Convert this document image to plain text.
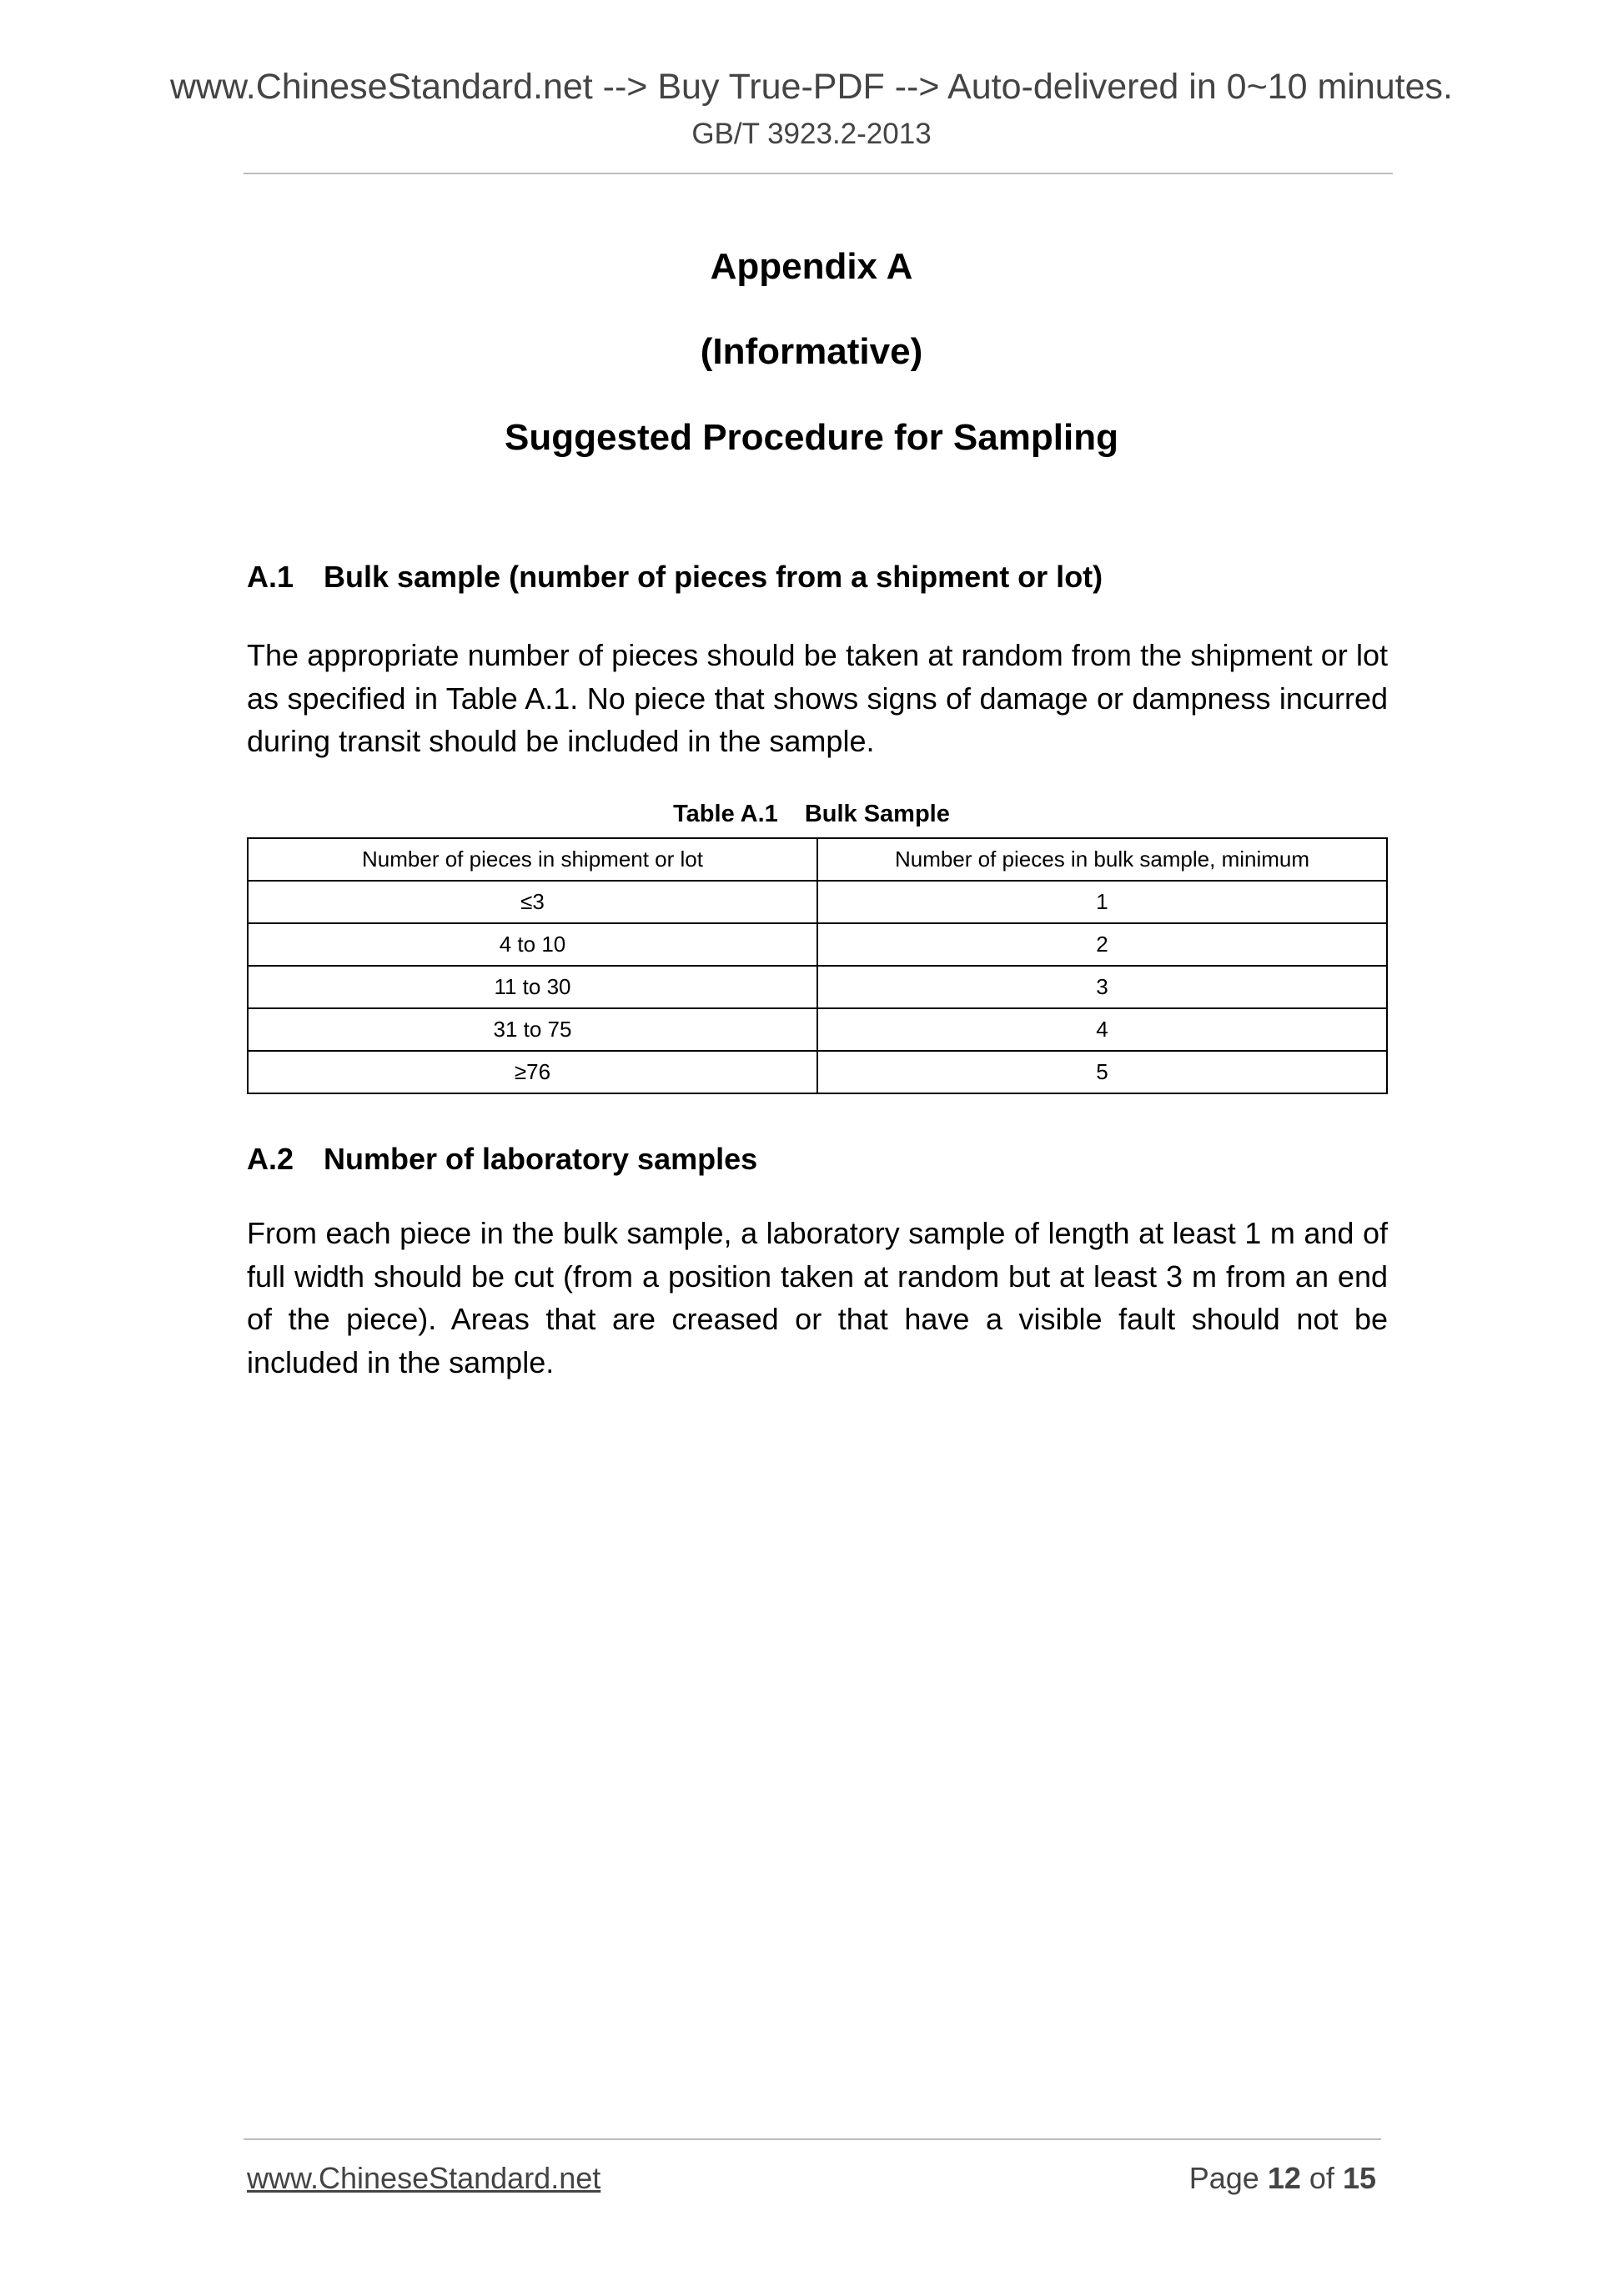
www.ChineseStandard.net --> Buy True-PDF --> Auto-delivered in 0~10 minutes.
GB/T 3923.2-2013
Appendix A
(Informative)
Suggested Procedure for Sampling
A.1 Bulk sample (number of pieces from a shipment or lot)
The appropriate number of pieces should be taken at random from the shipment or lot as specified in Table A.1. No piece that shows signs of damage or dampness incurred during transit should be included in the sample.
Table A.1 Bulk Sample
Number of pieces in shipment or lot	Number of pieces in bulk sample, minimum
≤3	1
4 to 10	2
11 to 30	3
31 to 75	4
≥76	5
A.2 Number of laboratory samples
From each piece in the bulk sample, a laboratory sample of length at least 1 m and of full width should be cut (from a position taken at random but at least 3 m from an end of the piece). Areas that are creased or that have a visible fault should not be included in the sample.
www.ChineseStandard.net	Page 12 of 15
